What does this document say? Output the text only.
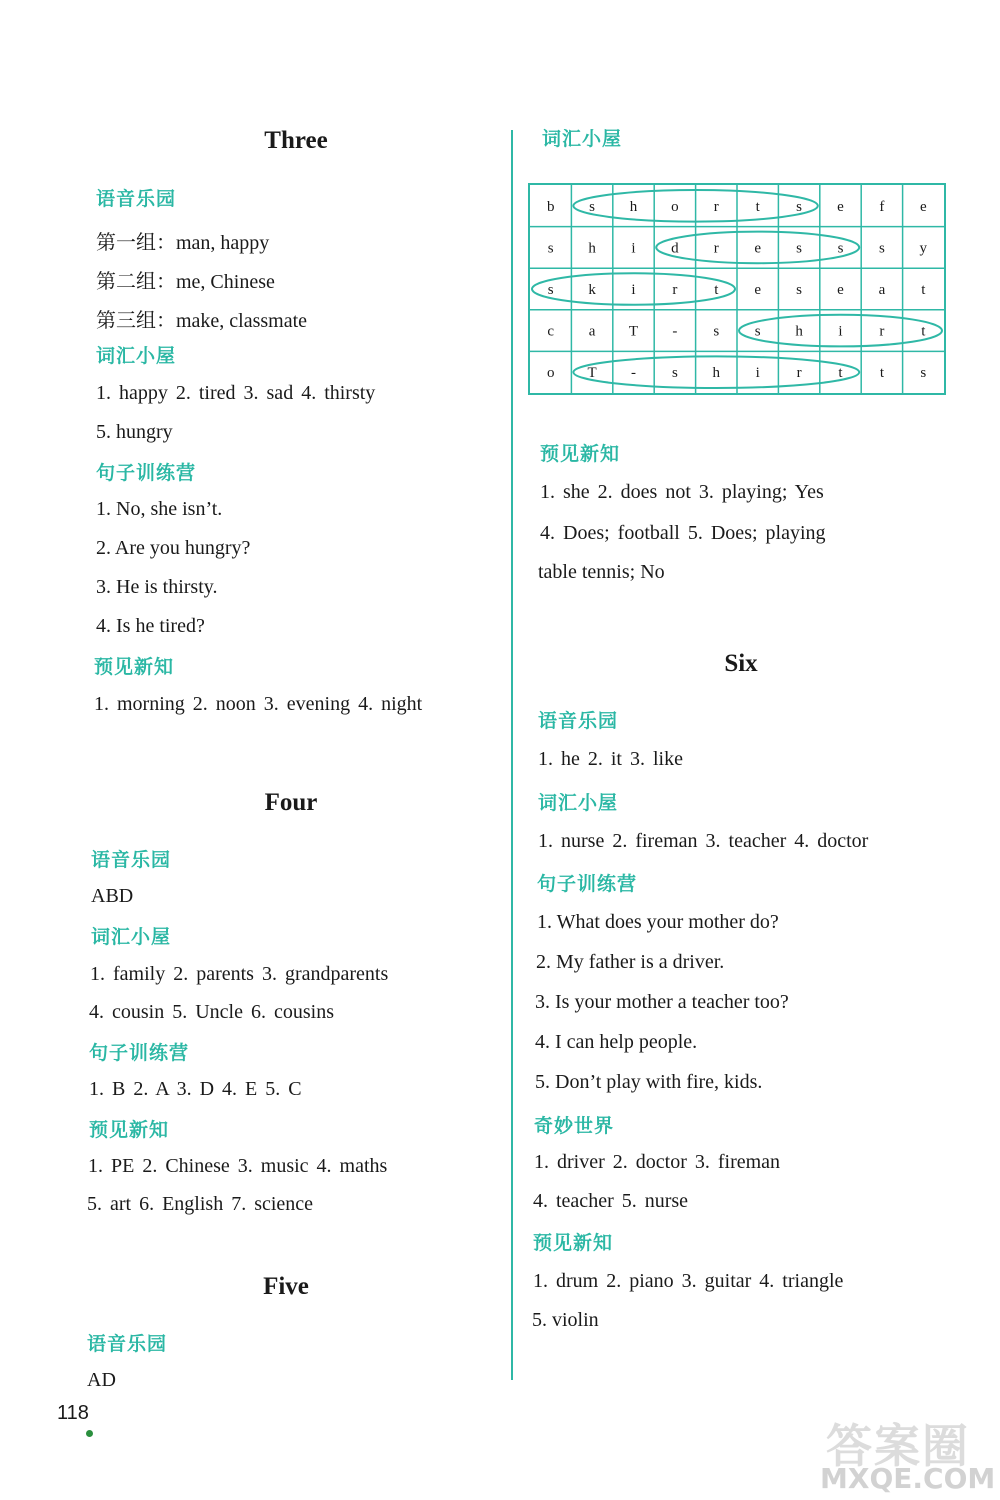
Three
语音乐园
第一组：man, happy
第二组：me, Chinese
第三组：make, classmate
词汇小屋
1. happy 2. tired 3. sad 4. thirsty
5. hungry
句子训练营
1. No, she isn’t.
2. Are you hungry?
3. He is thirsty.
4. Is he tired?
预见新知
1. morning 2. noon 3. evening 4. night
Four
语音乐园
ABD
词汇小屋
1. family 2. parents 3. grandparents
4. cousin 5. Uncle 6. cousins
句子训练营
1. B 2. A 3. D 4. E 5. C
预见新知
1. PE 2. Chinese 3. music 4. maths
5. art 6. English 7. science
Five
语音乐园
AD
词汇小屋
b s h o r t s e f e
s h i d r e s s s y
s k i r t e s e a t
c a T - s s h i r t
o T - s h i r t t s
预见新知
1. she 2. does not 3. playing; Yes
4. Does; football 5. Does; playing
table tennis; No
Six
语音乐园
1. he 2. it 3. like
词汇小屋
1. nurse 2. fireman 3. teacher 4. doctor
句子训练营
1. What does your mother do?
2. My father is a driver.
3. Is your mother a teacher too?
4. I can help people.
5. Don’t play with fire, kids.
奇妙世界
1. driver 2. doctor 3. fireman
4. teacher 5. nurse
预见新知
1. drum 2. piano 3. guitar 4. triangle
5. violin
118
答案圈
MXQE.COM
